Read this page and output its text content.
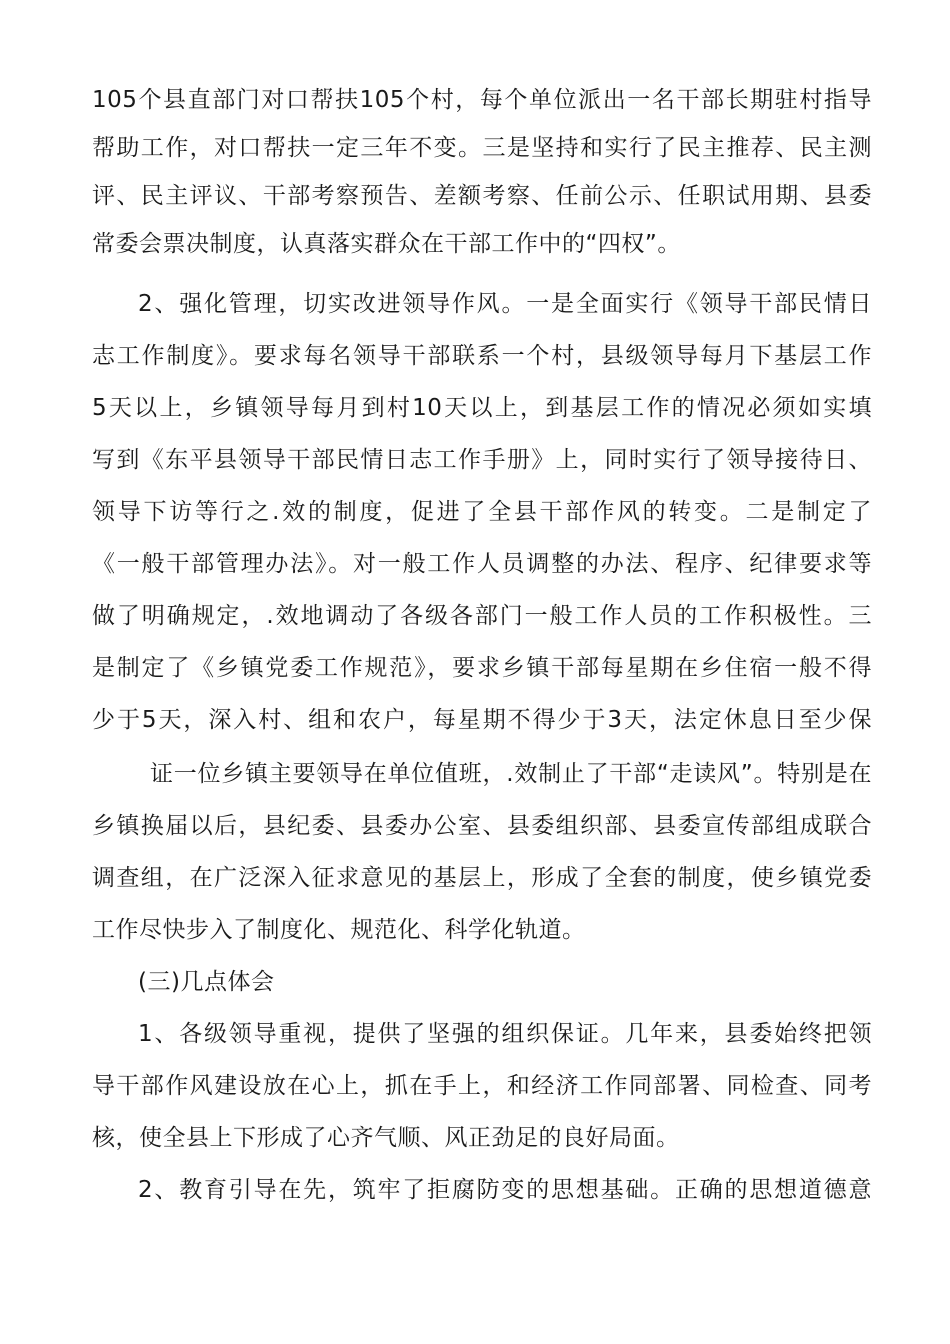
105个县直部门对口帮扶105个村，每个单位派出一名干部长期驻村指导
帮助工作，对口帮扶一定三年不变。三是坚持和实行了民主推荐、民主测
评、民主评议、干部考察预告、差额考察、任前公示、任职试用期、县委
常委会票决制度，认真落实群众在干部工作中的“四权”。
2、强化管理，切实改进领导作风。一是全面实行《领导干部民情日
志工作制度》。要求每名领导干部联系一个村，县级领导每月下基层工作
5天以上，乡镇领导每月到村10天以上，到基层工作的情况必须如实填
写到《东平县领导干部民情日志工作手册》上，同时实行了领导接待日、
领导下访等行之.效的制度，促进了全县干部作风的转变。二是制定了
《一般干部管理办法》。对一般工作人员调整的办法、程序、纪律要求等
做了明确规定，.效地调动了各级各部门一般工作人员的工作积极性。三
是制定了《乡镇党委工作规范》，要求乡镇干部每星期在乡住宿一般不得
少于5天，深入村、组和农户，每星期不得少于3天，法定休息日至少保
证一位乡镇主要领导在单位值班，.效制止了干部“走读风”。特别是在
乡镇换届以后，县纪委、县委办公室、县委组织部、县委宣传部组成联合
调查组，在广泛深入征求意见的基层上，形成了全套的制度，使乡镇党委
工作尽快步入了制度化、规范化、科学化轨道。
(三)几点体会
1、各级领导重视，提供了坚强的组织保证。几年来，县委始终把领
导干部作风建设放在心上，抓在手上，和经济工作同部署、同检查、同考
核，使全县上下形成了心齐气顺、风正劲足的良好局面。
2、教育引导在先，筑牢了拒腐防变的思想基础。正确的思想道德意
